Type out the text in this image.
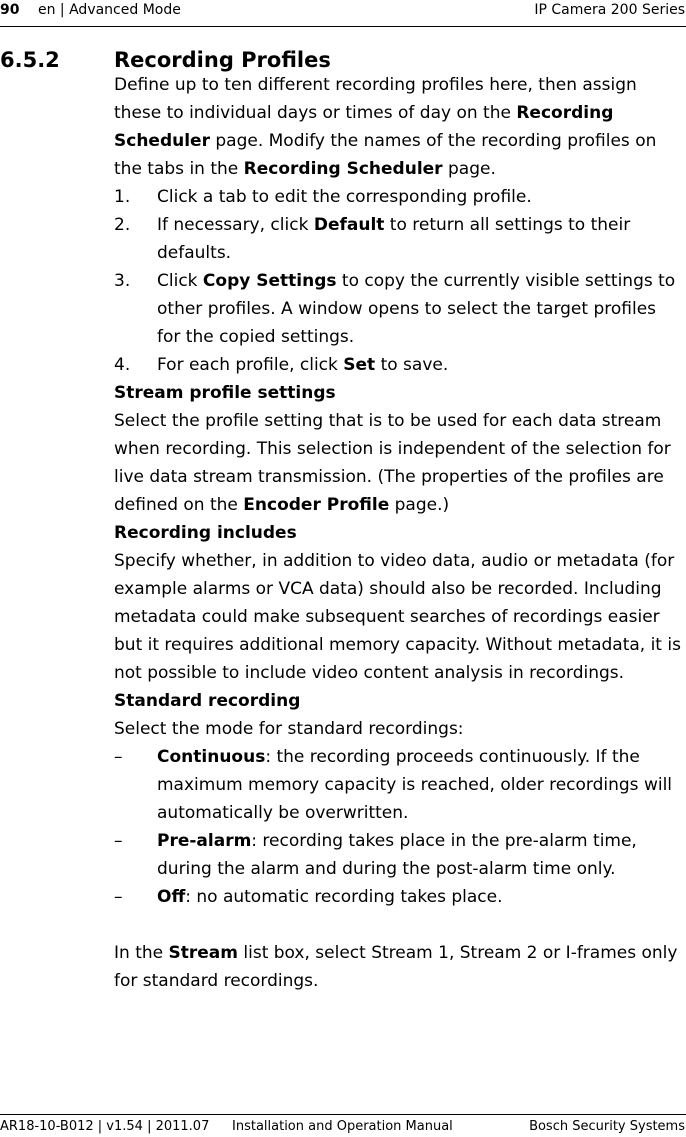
90 en | Advanced Mode	IP Camera 200 Series
6.5.2	Recording Profiles

Define up to ten different recording profiles here, then assign these to individual days or times of day on the Recording Scheduler page. Modify the names of the recording profiles on the tabs in the Recording Scheduler page.

1. Click a tab to edit the corresponding profile.
2. If necessary, click Default to return all settings to their defaults.
3. Click Copy Settings to copy the currently visible settings to other profiles. A window opens to select the target profiles for the copied settings.
4. For each profile, click Set to save.

Stream profile settings

Select the profile setting that is to be used for each data stream when recording. This selection is independent of the selection for live data stream transmission. (The properties of the profiles are defined on the Encoder Profile page.)

Recording includes

Specify whether, in addition to video data, audio or metadata (for example alarms or VCA data) should also be recorded. Including metadata could make subsequent searches of recordings easier but it requires additional memory capacity. Without metadata, it is not possible to include video content analysis in recordings.

Standard recording

Select the mode for standard recordings:

– Continuous: the recording proceeds continuously. If the maximum memory capacity is reached, older recordings will automatically be overwritten.
– Pre-alarm: recording takes place in the pre-alarm time, during the alarm and during the post-alarm time only.
– Off: no automatic recording takes place.

In the Stream list box, select Stream 1, Stream 2 or I-frames only for standard recordings.

AR18-10-B012 | v1.54 | 2011.07 Installation and Operation Manual	Bosch Security Systems
